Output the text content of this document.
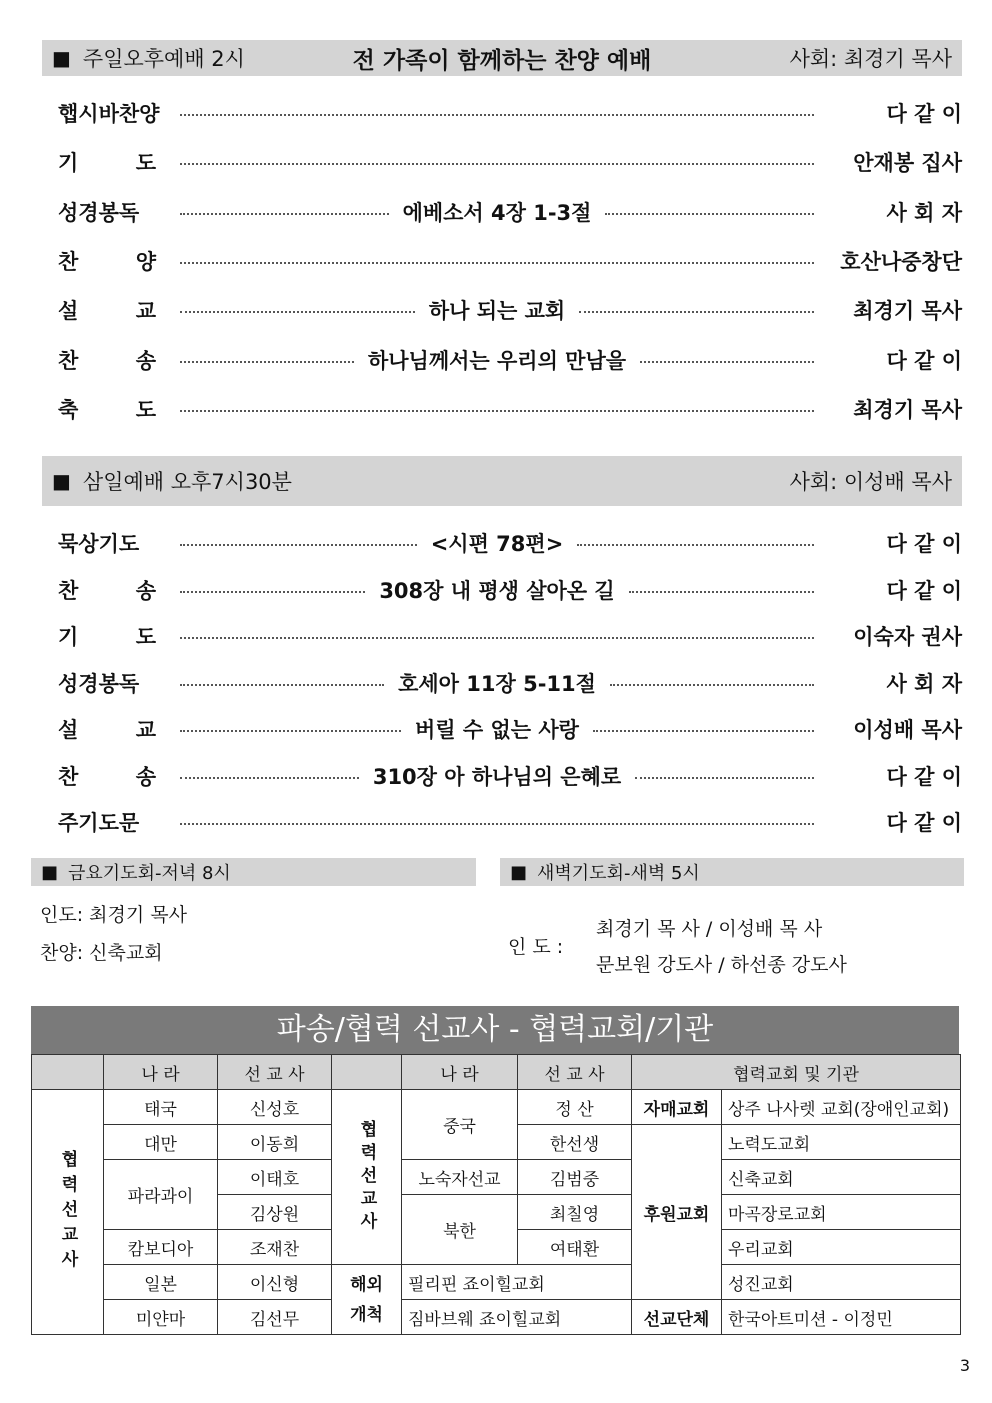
■ 주일오후예배 2시	전 가족이 함께하는 찬양 예배	사회: 최경기 목사
햅시바찬양	다 같 이
기	도	안재봉 집사
성경봉독	에베소서 4장 1-3절	사 회 자
찬	양	호산나중창단
설	교	하나 되는 교회	최경기 목사
찬	송	하나님께서는 우리의 만남을	다 같 이
축	도	최경기 목사
■ 삼일예배 오후7시30분	사회: 이성배 목사
묵상기도	<시편 78편>	다 같 이
찬	송	308장 내 평생 살아온 길	다 같 이
기	도	이숙자 권사
성경봉독	호세아 11장 5-11절	사 회 자
설	교	버릴 수 없는 사랑	이성배 목사
찬	송	310장 아 하나님의 은혜로	다 같 이
주기도문	다 같 이
■ 금요기도회-저녁 8시	■ 새벽기도회-새벽 5시
인도: 최경기 목사
찬양: 신축교회	인 도 :
최경기 목 사 / 이성배 목 사
문보원 강도사 / 하선종 강도사
파송/협력 선교사 - 협력교회/기관
	나 라	선 교 사		나 라	선 교 사	협력교회 및 기관	
협력선교사	태국	신성호	협력선교사	중국	정 산	자매교회	상주 나사렛 교회(장애인교회)
	대만	이동희			한선생	후원교회	노력도교회
	파라과이	이태호		노숙자선교	김범중		신축교회
		김상원		북한	최칠영		마곡장로교회
	캄보디아	조재찬			여태환		우리교회
	일본	이신형	해외개척	필리핀 죠이힐교회			성진교회
	미얀마	김선무		짐바브웨 죠이힐교회		선교단체	한국아트미션 - 이정민
3
